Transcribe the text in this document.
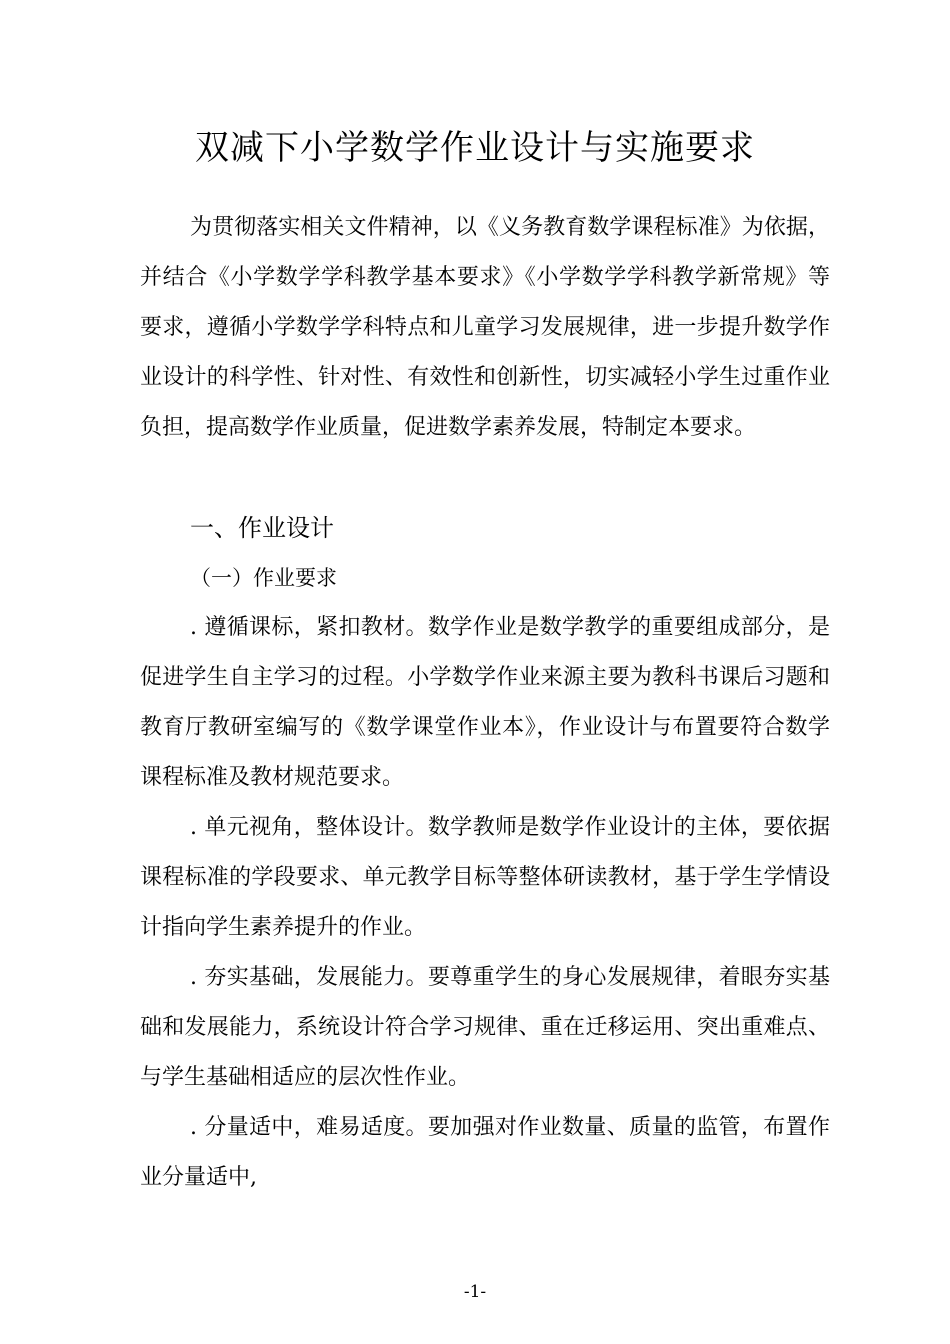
双减下小学数学作业设计与实施要求

为贯彻落实相关文件精神，以《义务教育数学课程标准》为依据，并结合《小学数学学科教学基本要求》《小学数学学科教学新常规》等要求，遵循小学数学学科特点和儿童学习发展规律，进一步提升数学作业设计的科学性、针对性、有效性和创新性，切实减轻小学生过重作业负担，提高数学作业质量，促进数学素养发展，特制定本要求。

一、作业设计
（一）作业要求

. 遵循课标，紧扣教材。数学作业是数学教学的重要组成部分，是促进学生自主学习的过程。小学数学作业来源主要为教科书课后习题和教育厅教研室编写的《数学课堂作业本》，作业设计与布置要符合数学课程标准及教材规范要求。

. 单元视角，整体设计。数学教师是数学作业设计的主体，要依据课程标准的学段要求、单元教学目标等整体研读教材，基于学生学情设计指向学生素养提升的作业。

. 夯实基础，发展能力。要尊重学生的身心发展规律，着眼夯实基础和发展能力，系统设计符合学习规律、重在迁移运用、突出重难点、与学生基础相适应的层次性作业。

. 分量适中，难易适度。要加强对作业数量、质量的监管，布置作业分量适中,

-1-
